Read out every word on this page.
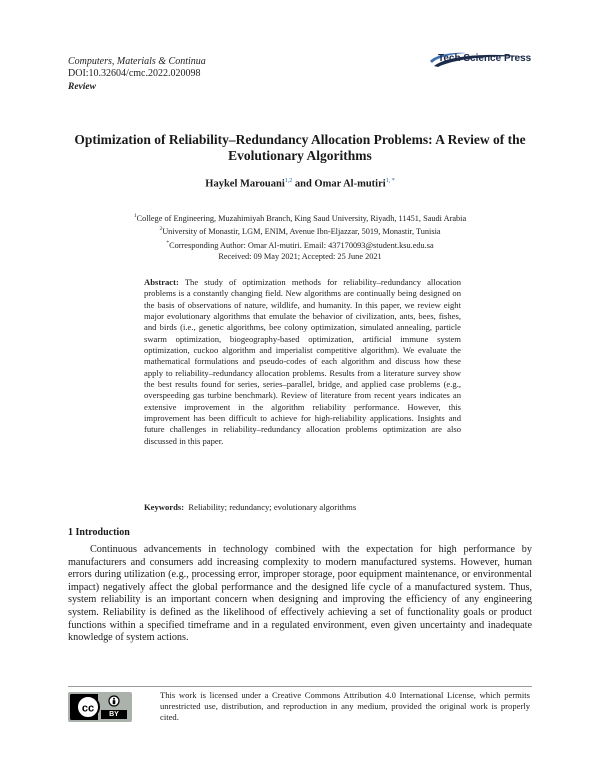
Computers, Materials & Continua
DOI:10.32604/cmc.2022.020098
Review
Tech Science Press
Optimization of Reliability–Redundancy Allocation Problems: A Review of the Evolutionary Algorithms
Haykel Marouani$^{1,2}$ and Omar Al-mutiri$^{1, *}$
$^1$College of Engineering, Muzahimiyah Branch, King Saud University, Riyadh, 11451, Saudi Arabia
$^2$University of Monastir, LGM, ENIM, Avenue Ibn-Eljazzar, 5019, Monastir, Tunisia
*Corresponding Author: Omar Al-mutiri. Email: 437170093@student.ksu.edu.sa
Received: 09 May 2021; Accepted: 25 June 2021
Abstract: The study of optimization methods for reliability–redundancy allocation problems is a constantly changing field. New algorithms are continually being designed on the basis of observations of nature, wildlife, and humanity. In this paper, we review eight major evolutionary algorithms that emulate the behavior of civilization, ants, bees, fishes, and birds (i.e., genetic algorithms, bee colony optimization, simulated annealing, particle swarm optimization, biogeography-based optimization, artificial immune system optimization, cuckoo algorithm and imperialist competitive algorithm). We evaluate the mathematical formulations and pseudo-codes of each algorithm and discuss how these apply to reliability–redundancy allocation problems. Results from a literature survey show the best results found for series, series–parallel, bridge, and applied case problems (e.g., overspeeding gas turbine benchmark). Review of literature from recent years indicates an extensive improvement in the algorithm reliability performance. However, this improvement has been difficult to achieve for high-reliability applications. Insights and future challenges in reliability–redundancy allocation problems optimization are also discussed in this paper.
Keywords: Reliability; redundancy; evolutionary algorithms
1 Introduction
Continuous advancements in technology combined with the expectation for high performance by manufacturers and consumers add increasing complexity to modern manufactured systems. However, human errors during utilization (e.g., processing error, improper storage, poor equipment maintenance, or environmental impact) negatively affect the global performance and the designed life cycle of a manufactured system. Thus, system reliability is an important concern when designing and improving the efficiency of any engineering system. Reliability is defined as the likelihood of effectively achieving a set of functionality goals or product functions within a specified timeframe and in a regulated environment, even given uncertainty and inadequate knowledge of system actions.
cc	BY
This work is licensed under a Creative Commons Attribution 4.0 International License, which permits unrestricted use, distribution, and reproduction in any medium, provided the original work is properly cited.
